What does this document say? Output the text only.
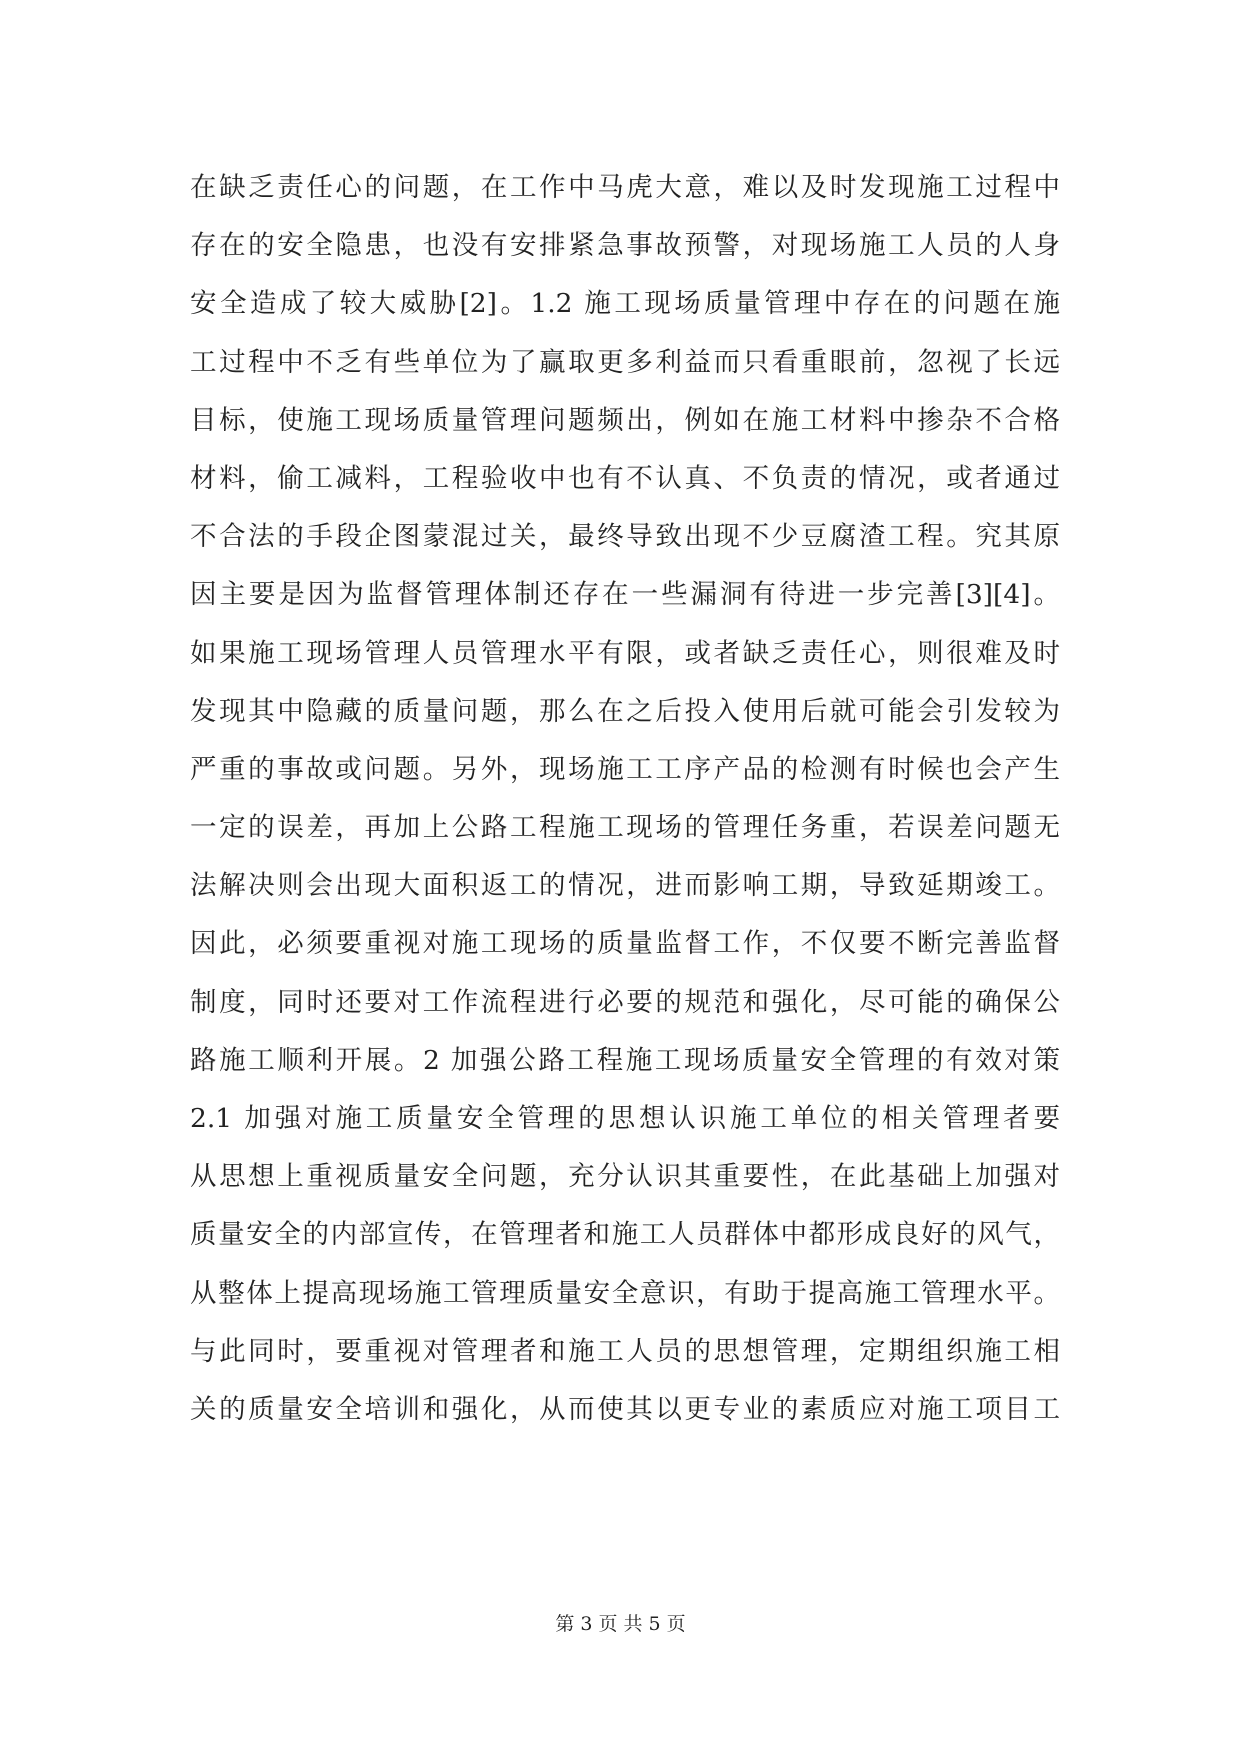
在缺乏责任心的问题，在工作中马虎大意，难以及时发现施工过程中
存在的安全隐患，也没有安排紧急事故预警，对现场施工人员的人身
安全造成了较大威胁[2]。1.2 施工现场质量管理中存在的问题在施
工过程中不乏有些单位为了赢取更多利益而只看重眼前，忽视了长远
目标，使施工现场质量管理问题频出，例如在施工材料中掺杂不合格
材料，偷工减料，工程验收中也有不认真、不负责的情况，或者通过
不合法的手段企图蒙混过关，最终导致出现不少豆腐渣工程。究其原
因主要是因为监督管理体制还存在一些漏洞有待进一步完善[3][4]。
如果施工现场管理人员管理水平有限，或者缺乏责任心，则很难及时
发现其中隐藏的质量问题，那么在之后投入使用后就可能会引发较为
严重的事故或问题。另外，现场施工工序产品的检测有时候也会产生
一定的误差，再加上公路工程施工现场的管理任务重，若误差问题无
法解决则会出现大面积返工的情况，进而影响工期，导致延期竣工。
因此，必须要重视对施工现场的质量监督工作，不仅要不断完善监督
制度，同时还要对工作流程进行必要的规范和强化，尽可能的确保公
路施工顺利开展。2 加强公路工程施工现场质量安全管理的有效对策
2.1 加强对施工质量安全管理的思想认识施工单位的相关管理者要
从思想上重视质量安全问题，充分认识其重要性，在此基础上加强对
质量安全的内部宣传，在管理者和施工人员群体中都形成良好的风气，
从整体上提高现场施工管理质量安全意识，有助于提高施工管理水平。
与此同时，要重视对管理者和施工人员的思想管理，定期组织施工相
关的质量安全培训和强化，从而使其以更专业的素质应对施工项目工
第 3 页 共 5 页
